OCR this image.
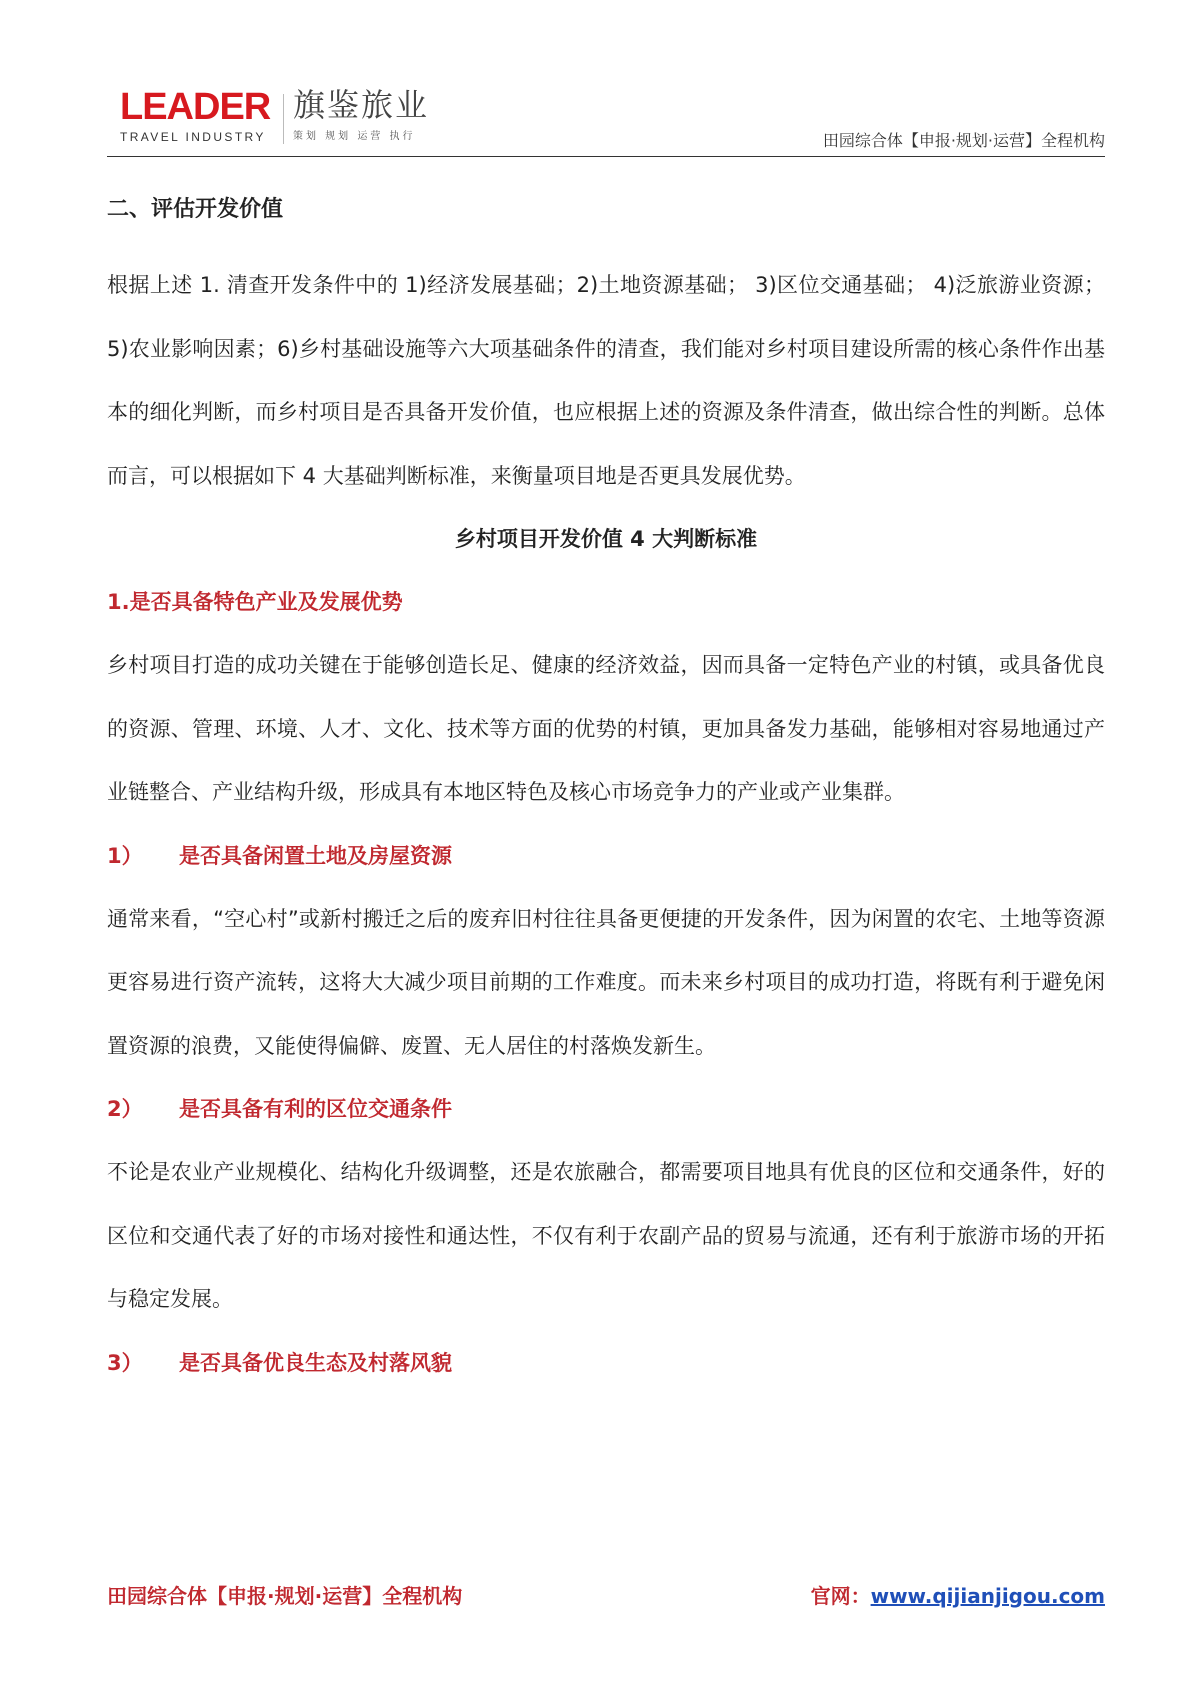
LEADER
TRAVEL INDUSTRY
旗鉴旅业
策划 规划 运营 执行	田园综合体【申报·规划·运营】全程机构
二、评估开发价值

根据上述 1. 清查开发条件中的 1)经济发展基础；2)土地资源基础； 3)区位交通基础； 4)泛旅游业资源；5)农业影响因素；6)乡村基础设施等六大项基础条件的清查，我们能对乡村项目建设所需的核心条件作出基本的细化判断，而乡村项目是否具备开发价值，也应根据上述的资源及条件清查，做出综合性的判断。总体而言，可以根据如下 4 大基础判断标准，来衡量项目地是否更具发展优势。

乡村项目开发价值 4 大判断标准

1.是否具备特色产业及发展优势

乡村项目打造的成功关键在于能够创造长足、健康的经济效益，因而具备一定特色产业的村镇，或具备优良的资源、管理、环境、人才、文化、技术等方面的优势的村镇，更加具备发力基础，能够相对容易地通过产业链整合、产业结构升级，形成具有本地区特色及核心市场竞争力的产业或产业集群。

1） 是否具备闲置土地及房屋资源

通常来看，“空心村”或新村搬迁之后的废弃旧村往往具备更便捷的开发条件，因为闲置的农宅、土地等资源更容易进行资产流转，这将大大减少项目前期的工作难度。而未来乡村项目的成功打造，将既有利于避免闲置资源的浪费，又能使得偏僻、废置、无人居住的村落焕发新生。

2） 是否具备有利的区位交通条件

不论是农业产业规模化、结构化升级调整，还是农旅融合，都需要项目地具有优良的区位和交通条件，好的区位和交通代表了好的市场对接性和通达性，不仅有利于农副产品的贸易与流通，还有利于旅游市场的开拓与稳定发展。

3） 是否具备优良生态及村落风貌

田园综合体【申报·规划·运营】全程机构	官网：www.qijianjigou.com
